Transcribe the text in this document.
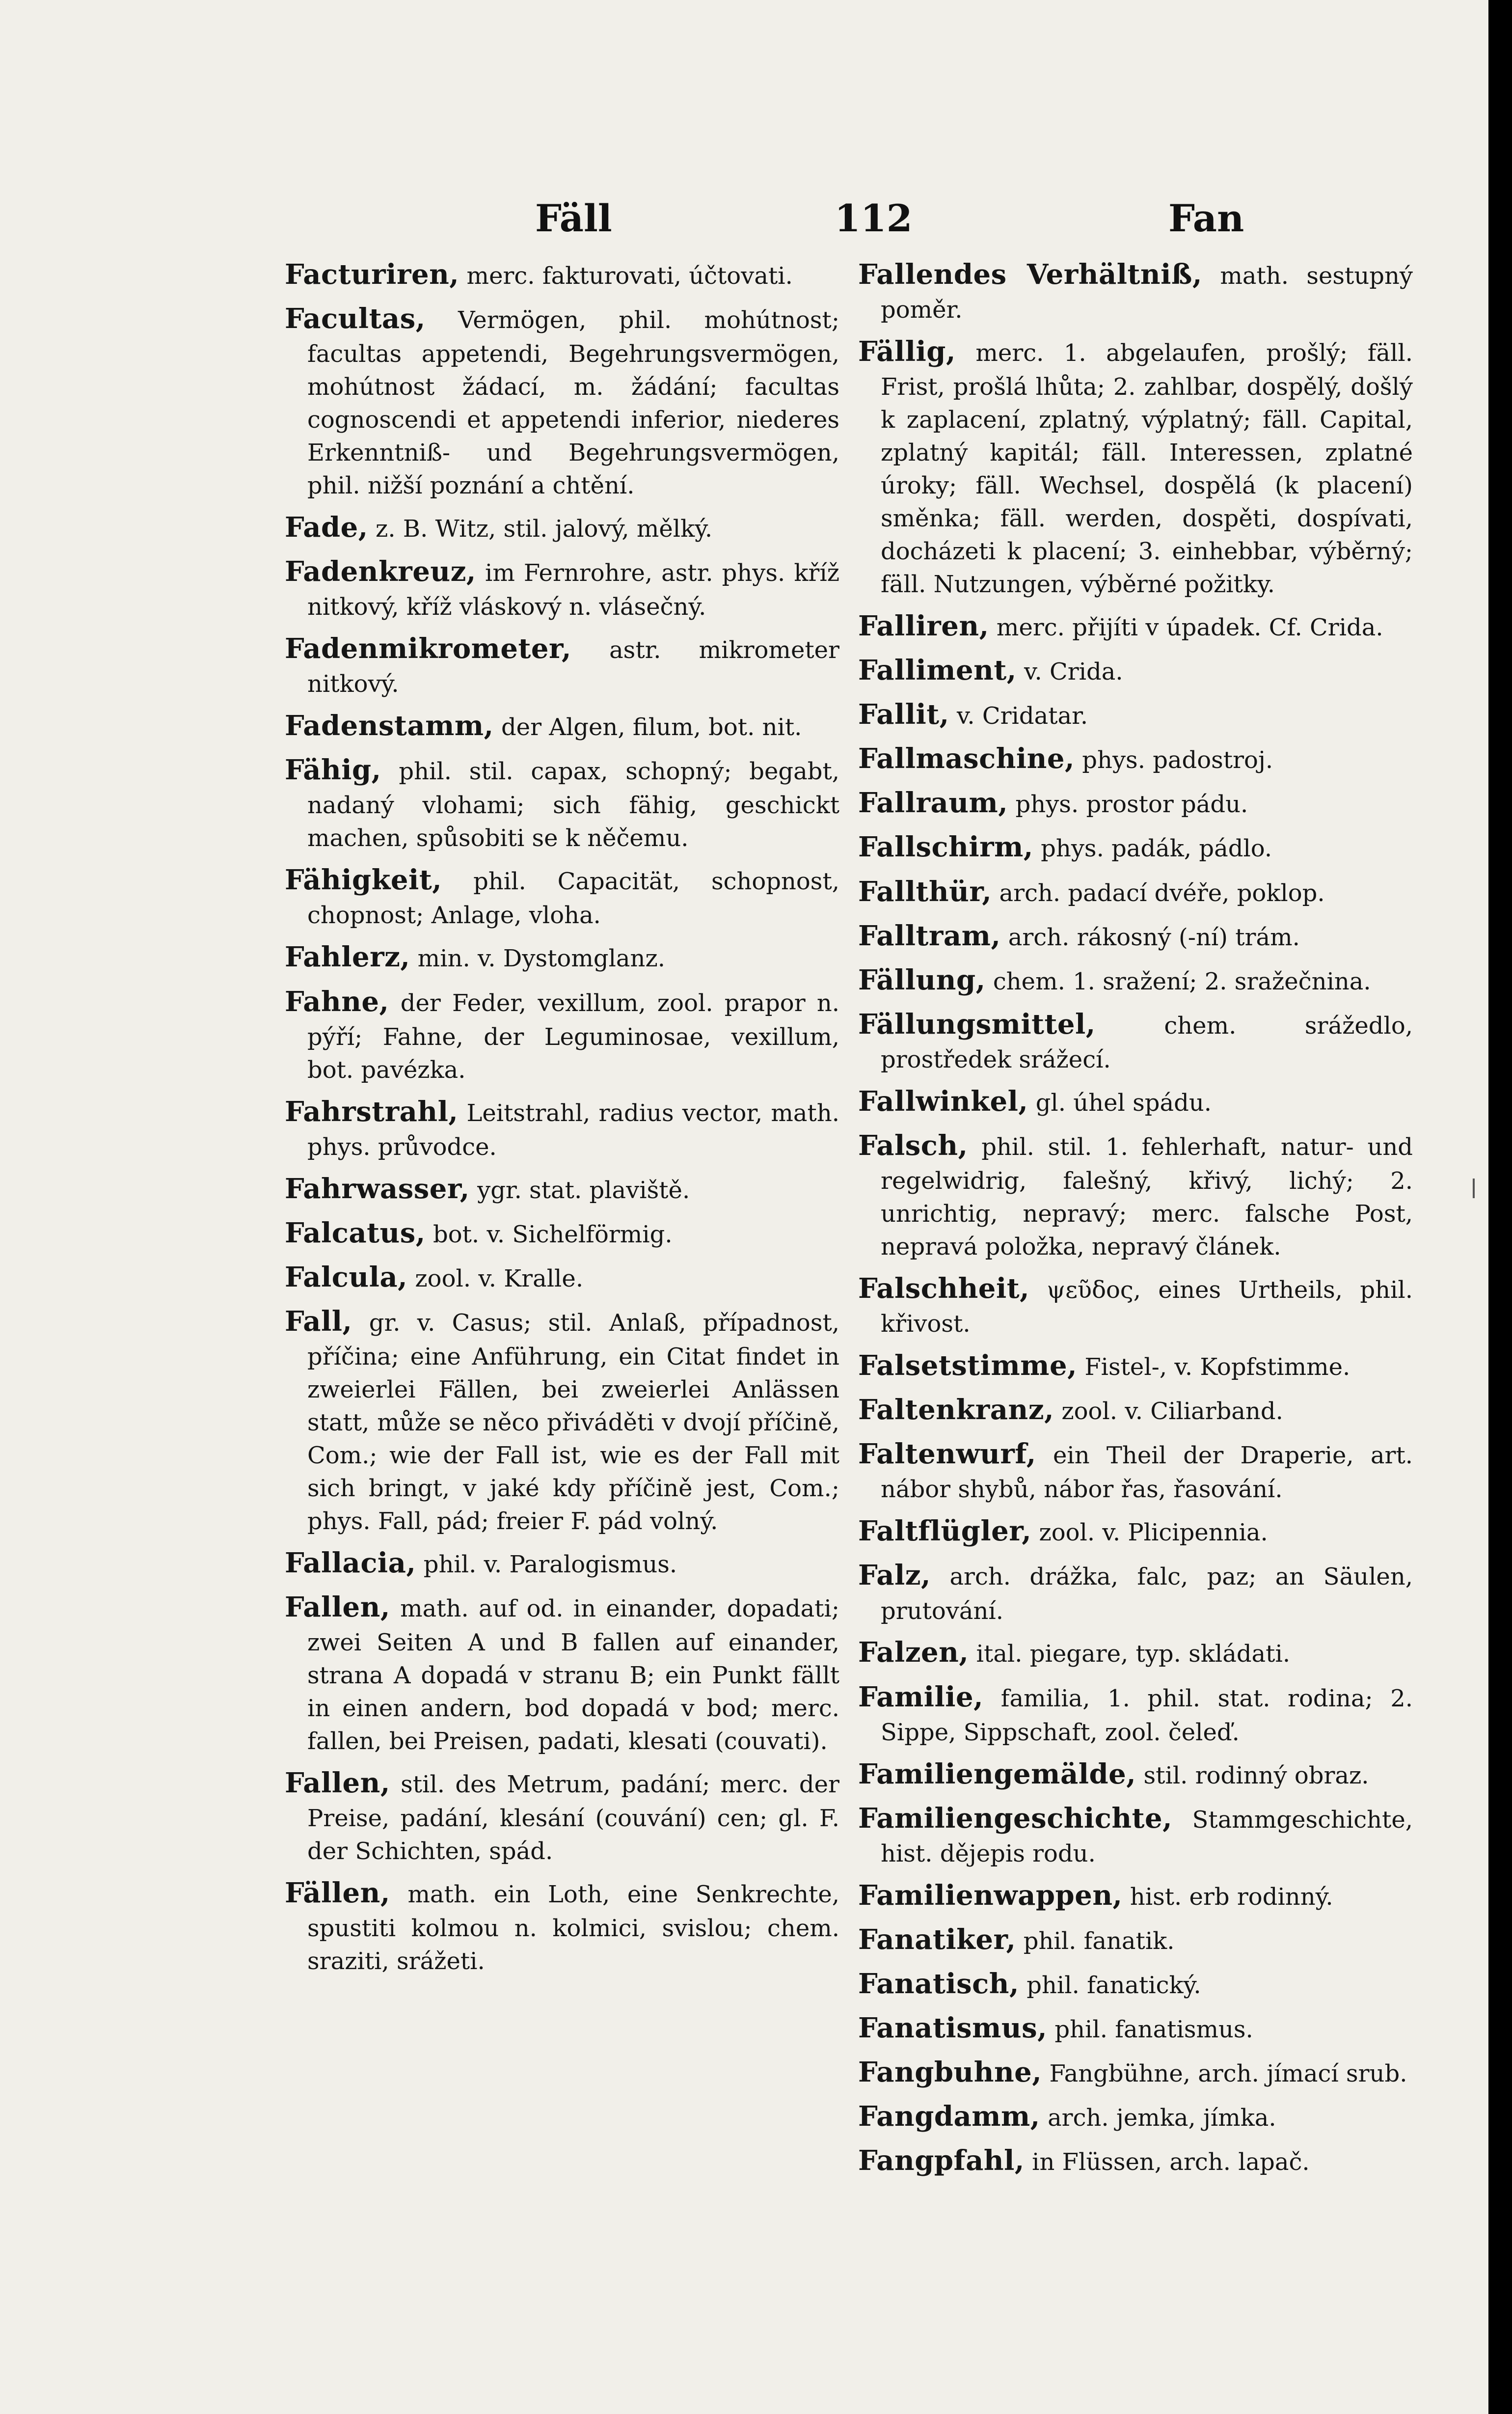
Fäll	112	Fan
Facturiren, merc. fakturovati, účtovati.
Facultas, Vermögen, phil. mohútnost; facultas appetendi, Begehrungsvermögen, mohútnost žádací, m. žádání; facultas cognoscendi et appetendi inferior, niederes Erkenntniß- und Begehrungsvermögen, phil. nižší poznání a chtění.
Fade, z. B. Witz, stil. jalový, mělký.
Fadenkreuz, im Fernrohre, astr. phys. kříž nitkový, kříž vláskový n. vlásečný.
Fadenmikrometer, astr. mikrometer nitkový.
Fadenstamm, der Algen, filum, bot. nit.
Fähig, phil. stil. capax, schopný; begabt, nadaný vlohami; sich fähig, geschickt machen, spůsobiti se k něčemu.
Fähigkeit, phil. Capacität, schopnost, chopnost; Anlage, vloha.
Fahlerz, min. v. Dystomglanz.
Fahne, der Feder, vexillum, zool. prapor n. pýří; Fahne, der Leguminosae, vexillum, bot. pavézka.
Fahrstrahl, Leitstrahl, radius vector, math. phys. průvodce.
Fahrwasser, ygr. stat. plaviště.
Falcatus, bot. v. Sichelförmig.
Falcula, zool. v. Kralle.
Fall, gr. v. Casus; stil. Anlaß, případnost, příčina; eine Anführung, ein Citat findet in zweierlei Fällen, bei zweierlei Anlässen statt, může se něco přiváděti v dvojí příčině, Com.; wie der Fall ist, wie es der Fall mit sich bringt, v jaké kdy příčině jest, Com.; phys. Fall, pád; freier F. pád volný.
Fallacia, phil. v. Paralogismus.
Fallen, math. auf od. in einander, dopadati; zwei Seiten A und B fallen auf einander, strana A dopadá v stranu B; ein Punkt fällt in einen andern, bod dopadá v bod; merc. fallen, bei Preisen, padati, klesati (couvati).
Fallen, stil. des Metrum, padání; merc. der Preise, padání, klesání (couvání) cen; gl. F. der Schichten, spád.
Fällen, math. ein Loth, eine Senkrechte, spustiti kolmou n. kolmici, svislou; chem. sraziti, srážeti.
Fallendes Verhältniß, math. sestupný poměr.
Fällig, merc. 1. abgelaufen, prošlý; fäll. Frist, prošlá lhůta; 2. zahlbar, dospělý, došlý k zaplacení, zplatný, výplatný; fäll. Capital, zplatný kapitál; fäll. Interessen, zplatné úroky; fäll. Wechsel, dospělá (k placení) směnka; fäll. werden, dospěti, dospívati, docházeti k placení; 3. einhebbar, výběrný; fäll. Nutzungen, výběrné požitky.
Falliren, merc. přijíti v úpadek. Cf. Crida.
Falliment, v. Crida.
Fallit, v. Cridatar.
Fallmaschine, phys. padostroj.
Fallraum, phys. prostor pádu.
Fallschirm, phys. padák, pádlo.
Fallthür, arch. padací dvéře, poklop.
Falltram, arch. rákosný (-ní) trám.
Fällung, chem. 1. sražení; 2. sražečnina.
Fällungsmittel,	chem. srážedlo, prostředek srážecí.
Fallwinkel, gl. úhel spádu.
Falsch, phil. stil. 1. fehlerhaft, natur- und regelwidrig, falešný, křivý, lichý; 2. unrichtig, nepravý; merc. falsche Post, nepravá položka, nepravý článek.
Falschheit, ψεῦδος, eines Urtheils, phil. křivost.
Falsetstimme, Fistel-, v. Kopfstimme.
Faltenkranz, zool. v. Ciliarband.
Faltenwurf, ein Theil der Draperie, art. nábor shybů, nábor řas, řasování.
Faltflügler, zool. v. Plicipennia.
Falz, arch. drážka, falc, paz; an Säulen, prutování.
Falzen, ital. piegare, typ. skládati.
Familie, familia, 1. phil. stat. rodina; 2. Sippe, Sippschaft, zool. čeleď.
Familiengemälde, stil. rodinný obraz.
Familiengeschichte, Stammgeschichte, hist. dějepis rodu.
Familienwappen, hist. erb rodinný.
Fanatiker, phil. fanatik.
Fanatisch, phil. fanatický.
Fanatismus, phil. fanatismus.
Fangbuhne, Fangbühne, arch. jímací srub.
Fangdamm, arch. jemka, jímka.
Fangpfahl, in Flüssen, arch. lapač.
